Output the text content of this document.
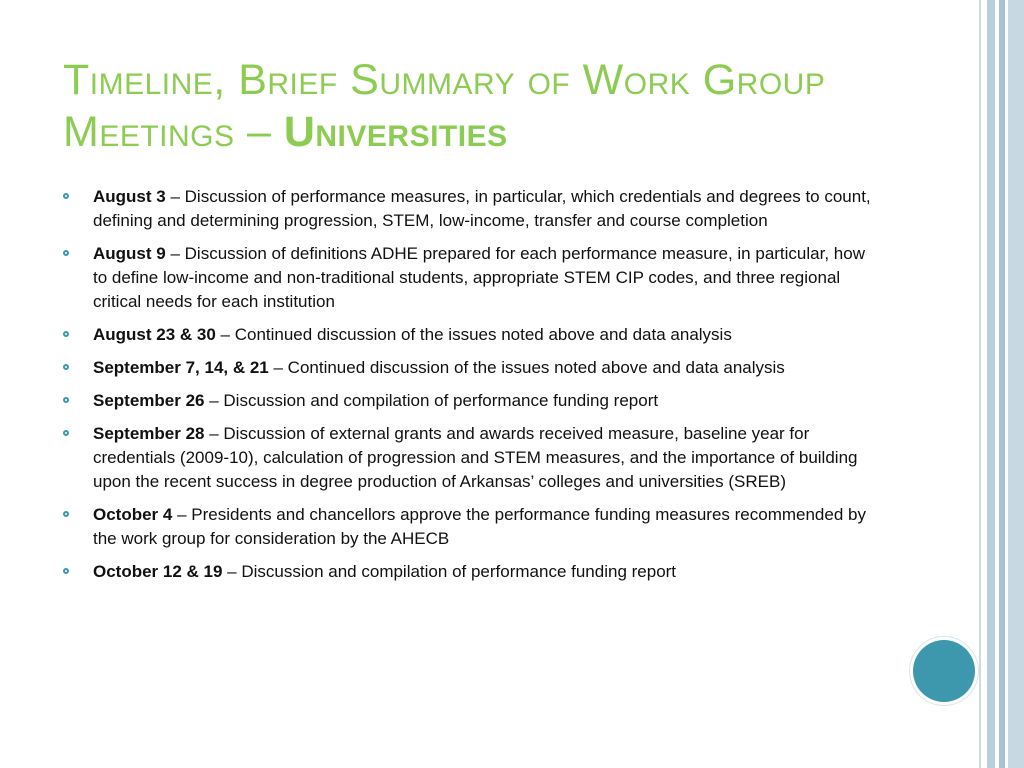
Timeline, Brief Summary of Work Group Meetings – Universities
August 3 – Discussion of performance measures, in particular, which credentials and degrees to count, defining and determining progression, STEM, low-income, transfer and course completion
August 9 – Discussion of definitions ADHE prepared for each performance measure, in particular, how to define low-income and non-traditional students, appropriate STEM CIP codes, and three regional critical needs for each institution
August 23 & 30 – Continued discussion of the issues noted above and data analysis
September 7, 14, & 21 – Continued discussion of the issues noted above and data analysis
September 26 – Discussion and compilation of performance funding report
September 28 – Discussion of external grants and awards received measure, baseline year for credentials (2009-10), calculation of progression and STEM measures, and the importance of building upon the recent success in degree production of Arkansas’ colleges and universities (SREB)
October 4 – Presidents and chancellors approve the performance funding measures recommended by the work group for consideration by the AHECB
October 12 & 19 – Discussion and compilation of performance funding report
